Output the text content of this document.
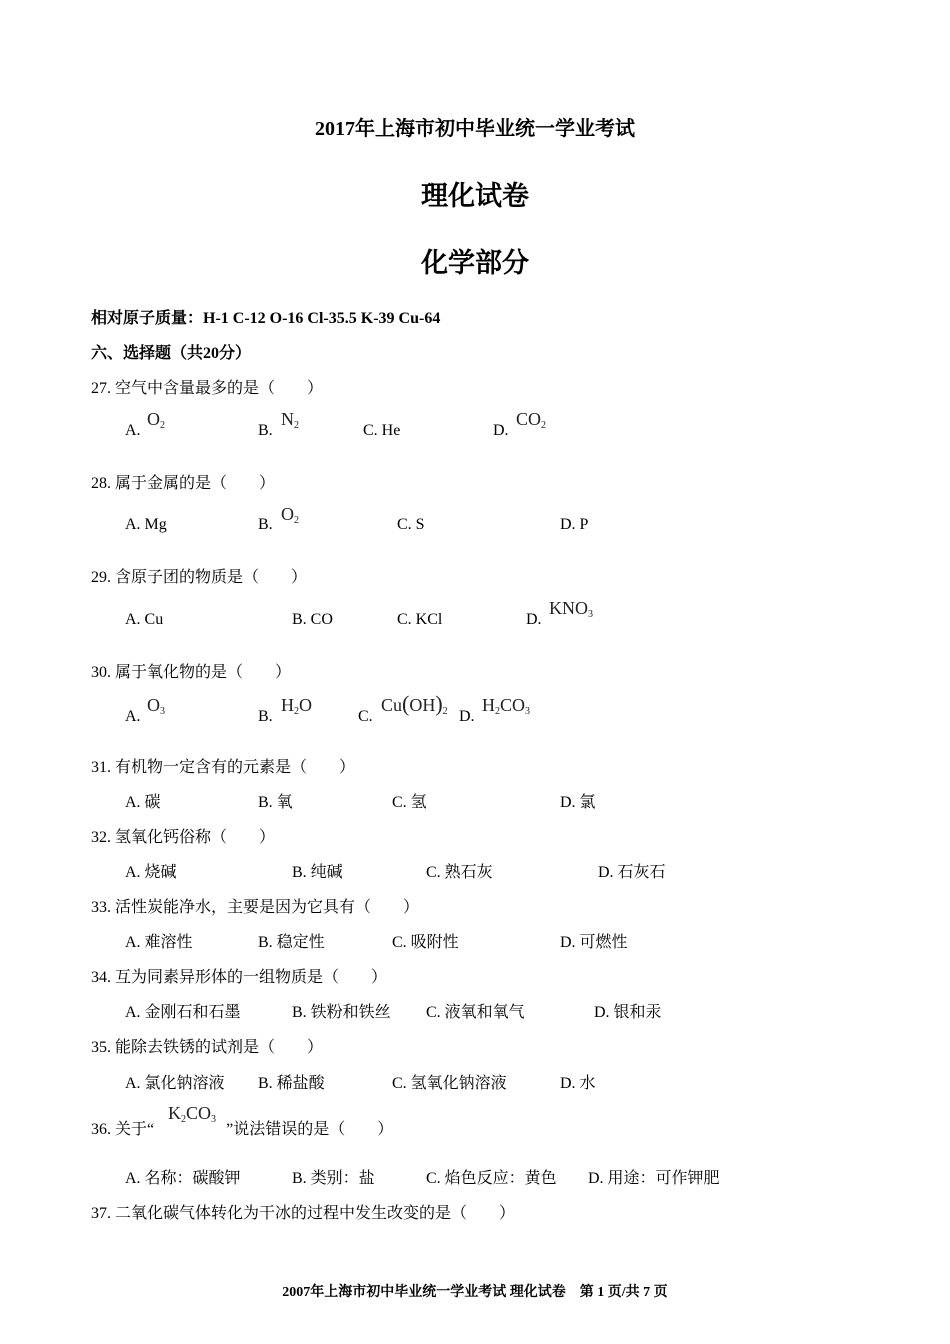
2017年上海市初中毕业统一学业考试
理化试卷
化学部分
相对原子质量：H-1 C-12 O-16 Cl-35.5 K-39 Cu-64
六、选择题（共20分）
27. 空气中含量最多的是（　　）
A.
$O_2$	B.
$N_2$	C. He	D.
$CO_2$
28. 属于金属的是（　　）
A. Mg	B.
$O_2$	C. S	D. P
29. 含原子团的物质是（　　）
A. Cu	B. CO	C. KCl	D.
$KNO_3$
30. 属于氧化物的是（　　）
A.
$O_3$	B.
$H_2O$
C.
$Cu(OH)_2$ D.
$H_2CO_3$
31. 有机物一定含有的元素是（　　）
A. 碳	B. 氧	C. 氢	D. 氯
32. 氢氧化钙俗称（　　）
A. 烧碱	B. 纯碱	C. 熟石灰	D. 石灰石
33. 活性炭能净水，主要是因为它具有（　　）
A. 难溶性	B. 稳定性	C. 吸附性	D. 可燃性
34. 互为同素异形体的一组物质是（　　）
A. 金刚石和石墨	B. 铁粉和铁丝 C. 液氧和氧气	D. 银和汞
35. 能除去铁锈的试剂是（　　）
A. 氯化钠溶液 B. 稀盐酸	C. 氢氧化钠溶液	D. 水
36. 关于“	”说法错误的是（　　）
$K_2CO_3$
A. 名称：碳酸钾	B. 类别：盐	C. 焰色反应：黄色 D. 用途：可作钾肥
37. 二氧化碳气体转化为干冰的过程中发生改变的是（　　）
2007年上海市初中毕业统一学业考试 理化试卷　第 1 页/共 7 页
